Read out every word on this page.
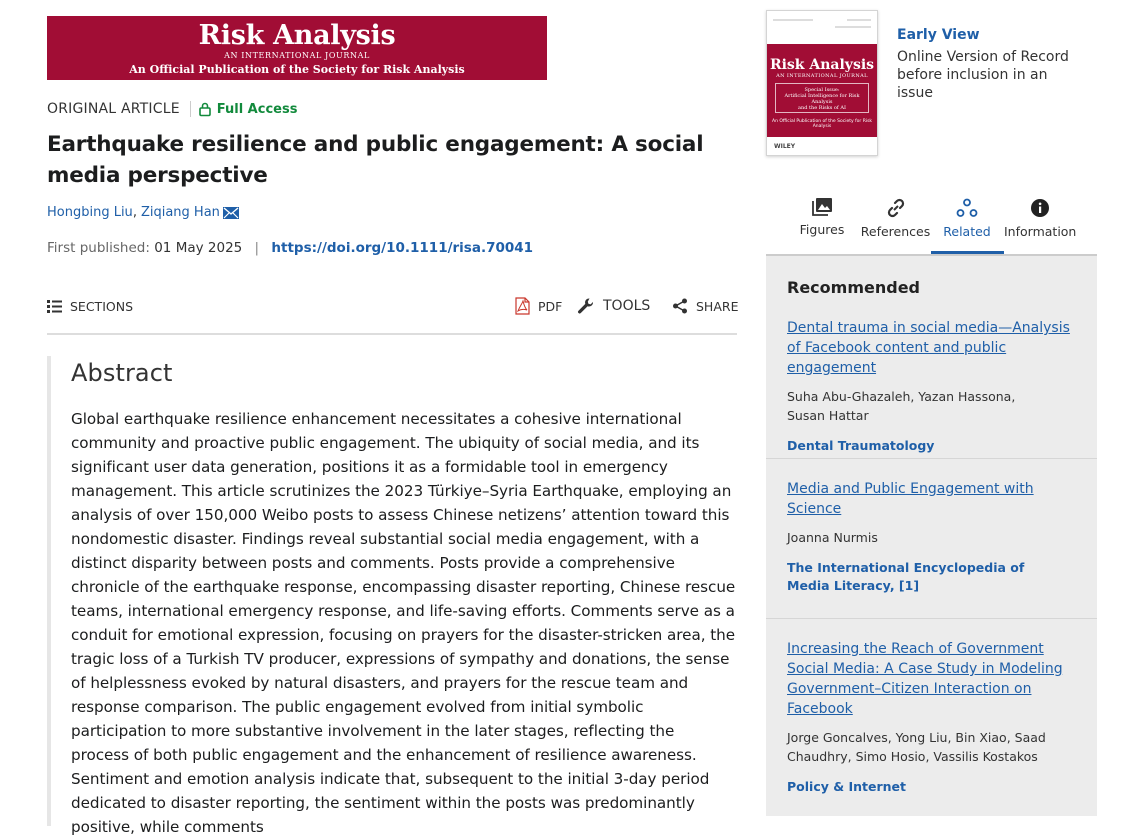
Risk Analysis
AN INTERNATIONAL JOURNAL
An Official Publication of the Society for Risk Analysis
ORIGINAL ARTICLE	Full Access
Earthquake resilience and public engagement: A social media perspective
Hongbing Liu , Ziqiang Han
First published: 01 May 2025 | https://doi.org/10.1111/risa.70041
SECTIONS	PDF	TOOLS	SHARE
Abstract

Global earthquake resilience enhancement necessitates a cohesive international community and proactive public engagement. The ubiquity of social media, and its significant user data generation, positions it as a formidable tool in emergency management. This article scrutinizes the 2023 Türkiye–Syria Earthquake, employing an analysis of over 150,000 Weibo posts to assess Chinese netizens’ attention toward this nondomestic disaster. Findings reveal substantial social media engagement, with a distinct disparity between posts and comments. Posts provide a comprehensive chronicle of the earthquake response, encompassing disaster reporting, Chinese rescue teams, international emergency response, and life-saving efforts. Comments serve as a conduit for emotional expression, focusing on prayers for the disaster-stricken area, the tragic loss of a Turkish TV producer, expressions of sympathy and donations, the sense of helplessness evoked by natural disasters, and prayers for the rescue team and response comparison. The public engagement evolved from initial symbolic participation to more substantive involvement in the later stages, reflecting the process of both public engagement and the enhancement of resilience awareness. Sentiment and emotion analysis indicate that, subsequent to the initial 3-day period dedicated to disaster reporting, the sentiment within the posts was predominantly positive, while comments

Risk Analysis
AN INTERNATIONAL JOURNAL
Special Issue:
Artificial Intelligence for Risk Analysis
and the Risks of AI
An Official Publication of the Society for Risk Analysis
WILEY
Early View
Online Version of Record before inclusion in an issue
Figures	References	Related	Information
Recommended
Dental trauma in social media—Analysis of Facebook content and public engagement
Suha Abu-Ghazaleh, Yazan Hassona, Susan Hattar
Dental Traumatology
Media and Public Engagement with Science
Joanna Nurmis
The International Encyclopedia of Media Literacy, [1]
Increasing the Reach of Government Social Media: A Case Study in Modeling Government–Citizen Interaction on Facebook
Jorge Goncalves, Yong Liu, Bin Xiao, Saad Chaudhry, Simo Hosio, Vassilis Kostakos
Policy & Internet
